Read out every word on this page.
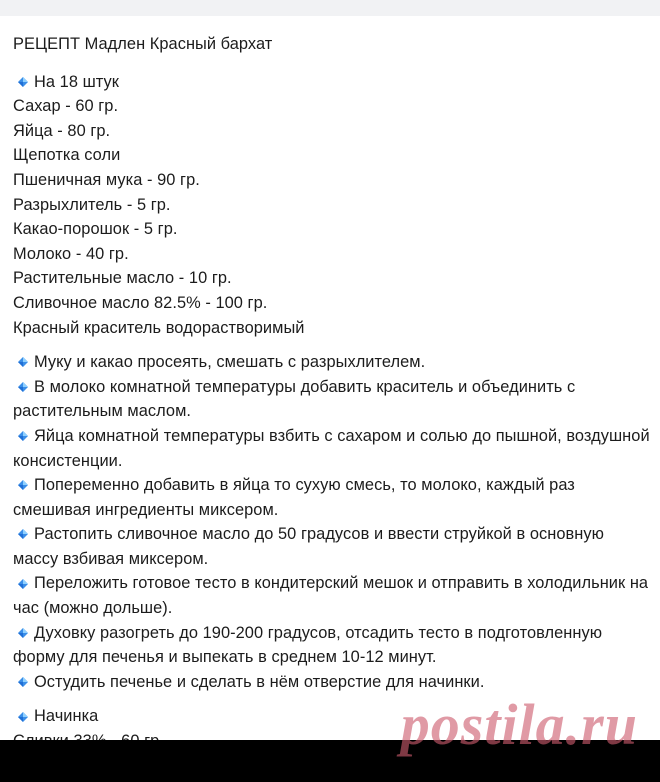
РЕЦЕПТ Мадлен Красный бархат
На 18 штук
Сахар - 60 гр.
Яйца - 80 гр.
Щепотка соли
Пшеничная мука - 90 гр.
Разрыхлитель - 5 гр.
Какао-порошок - 5 гр.
Молоко - 40 гр.
Растительные масло - 10 гр.
Сливочное масло 82.5% - 100 гр.
Красный краситель водорастворимый
Муку и какао просеять, смешать с разрыхлителем.
В молоко комнатной температуры добавить краситель и объединить с растительным маслом.
Яйца комнатной температуры взбить с сахаром и солью до пышной, воздушной консистенции.
Попеременно добавить в яйца то сухую смесь, то молоко, каждый раз смешивая ингредиенты миксером.
Растопить сливочное масло до 50 градусов и ввести струйкой в основную массу взбивая миксером.
Переложить готовое тесто в кондитерский мешок и отправить в холодильник на час (можно дольше).
Духовку разогреть до 190-200 градусов, отсадить тесто в подготовленную форму для печенья и выпекать в среднем 10-12 минут.
Остудить печенье и сделать в нём отверстие для начинки.
Начинка	postila.ru
